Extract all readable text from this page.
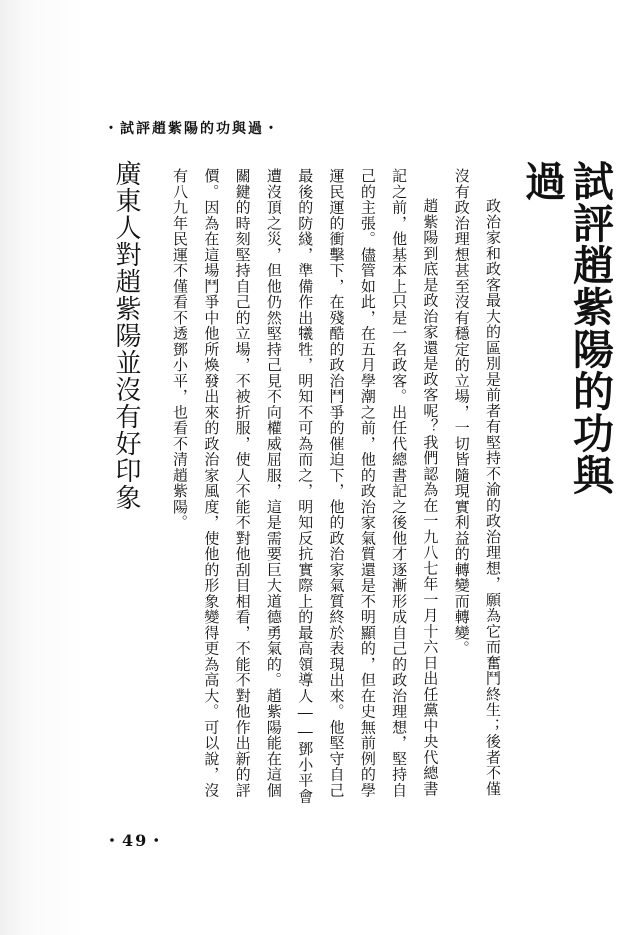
・試評趙紫陽的功與過・
試評趙紫陽的功與過

政治家和政客最大的區別是前者有堅持不渝的政治理想，願為它而奮鬥終生；後者不僅沒有政治理想甚至沒有穩定的立場，一切皆隨現實利益的轉變而轉變。

趙紫陽到底是政治家還是政客呢？我們認為在一九八七年一月十六日出任黨中央代總書記之前，他基本上只是一名政客。出任代總書記之後他才逐漸形成自己的政治理想，堅持自己的主張。儘管如此，在五月學潮之前，他的政治家氣質還是不明顯的，但在史無前例的學運民運的衝擊下，在殘酷的政治鬥爭的催迫下，他的政治家氣質終於表現出來。他堅守自己最後的防綫，準備作出犧牲，明知不可為而之，明知反抗實際上的最高領導人――鄧小平會遭沒頂之災，但他仍然堅持己見不向權威屈服，這是需要巨大道德勇氣的。趙紫陽能在這個關鍵的時刻堅持自己的立場，不被折服，使人不能不對他刮目相看，不能不對他作出新的評價。因為在這場鬥爭中他所煥發出來的政治家風度，使他的形象變得更為高大。可以說，沒有八九年民運不僅看不透鄧小平，也看不清趙紫陽。

廣東人對趙紫陽並沒有好印象
・49・
